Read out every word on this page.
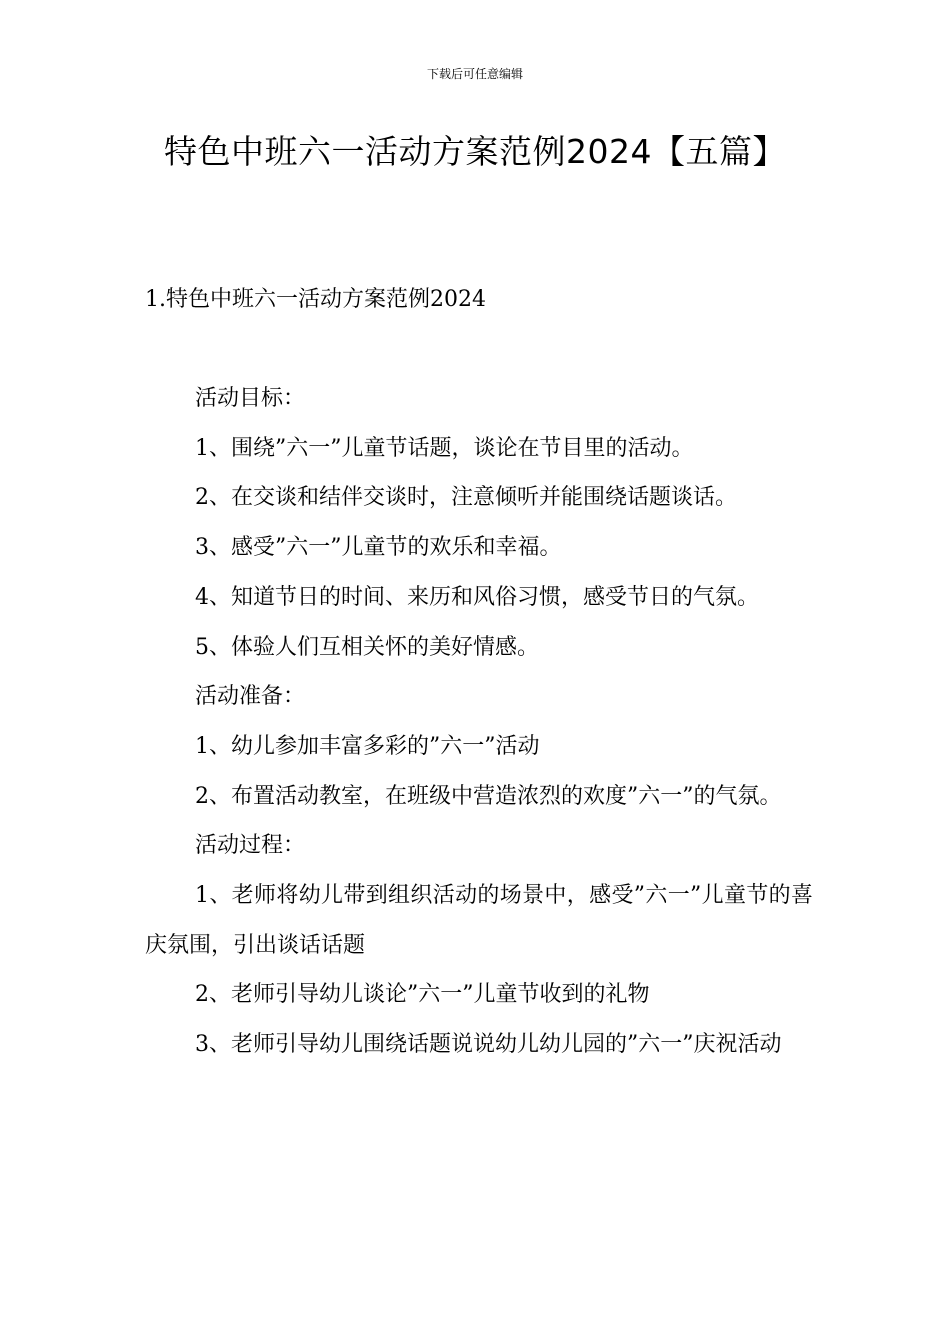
下载后可任意编辑
特色中班六一活动方案范例2024【五篇】
1.特色中班六一活动方案范例2024

活动目标：

1、围绕”六一”儿童节话题，谈论在节目里的活动。

2、在交谈和结伴交谈时，注意倾听并能围绕话题谈话。

3、感受”六一”儿童节的欢乐和幸福。

4、知道节日的时间、来历和风俗习惯，感受节日的气氛。

5、体验人们互相关怀的美好情感。

活动准备：

1、幼儿参加丰富多彩的”六一”活动

2、布置活动教室，在班级中营造浓烈的欢度”六一”的气氛。

活动过程：

1、老师将幼儿带到组织活动的场景中，感受”六一”儿童节的喜庆氛围，引出谈话话题

2、老师引导幼儿谈论”六一”儿童节收到的礼物

3、老师引导幼儿围绕话题说说幼儿幼儿园的”六一”庆祝活动
